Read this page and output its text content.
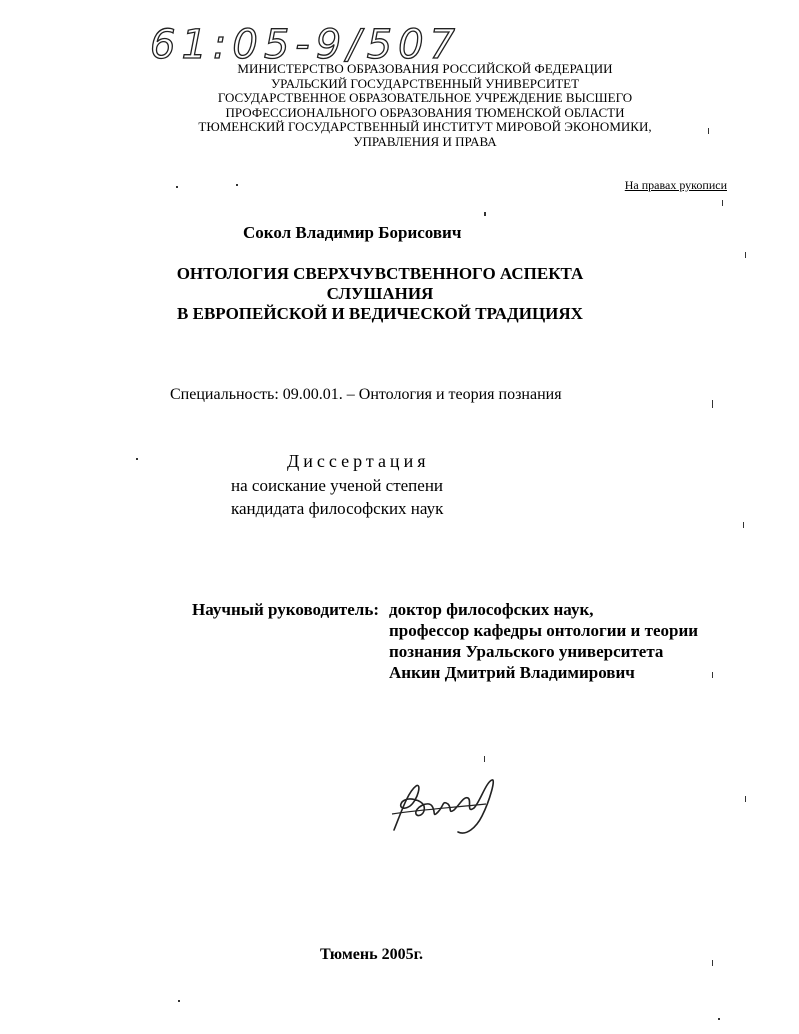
61:05-9/507
МИНИСТЕРСТВО ОБРАЗОВАНИЯ РОССИЙСКОЙ ФЕДЕРАЦИИ
УРАЛЬСКИЙ ГОСУДАРСТВЕННЫЙ УНИВЕРСИТЕТ
ГОСУДАРСТВЕННОЕ ОБРАЗОВАТЕЛЬНОЕ УЧРЕЖДЕНИЕ ВЫСШЕГО
ПРОФЕССИОНАЛЬНОГО ОБРАЗОВАНИЯ ТЮМЕНСКОЙ ОБЛАСТИ
ТЮМЕНСКИЙ ГОСУДАРСТВЕННЫЙ ИНСТИТУТ МИРОВОЙ ЭКОНОМИКИ,
УПРАВЛЕНИЯ И ПРАВА
На правах рукописи
Сокол Владимир Борисович
ОНТОЛОГИЯ СВЕРХЧУВСТВЕННОГО АСПЕКТА
СЛУШАНИЯ
В ЕВРОПЕЙСКОЙ И ВЕДИЧЕСКОЙ ТРАДИЦИЯХ
Специальность: 09.00.01. – Онтология и теория познания
Диссертация
на соискание ученой степени
кандидата философских наук
Научный руководитель: доктор философских наук,
профессор кафедры онтологии и теории
познания Уральского университета
Анкин Дмитрий Владимирович
Тюмень 2005г.
